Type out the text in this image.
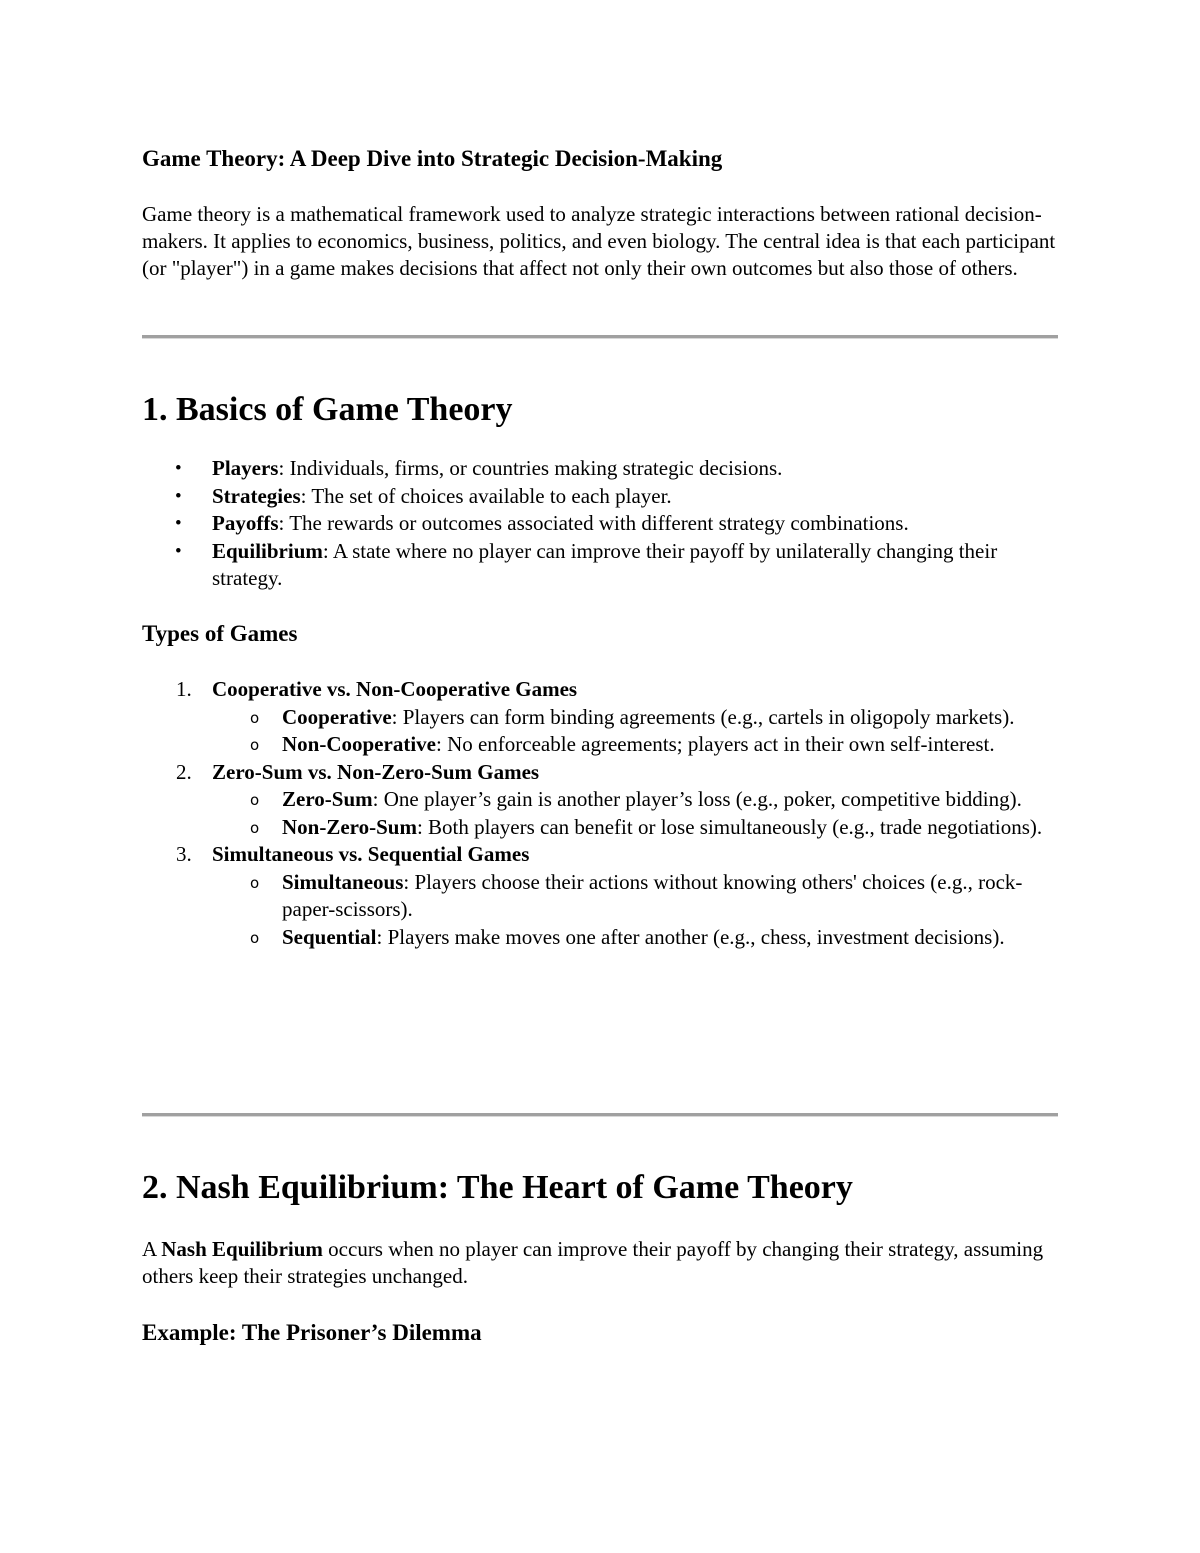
Game Theory: A Deep Dive into Strategic Decision-Making

Game theory is a mathematical framework used to analyze strategic interactions between rational decision-makers. It applies to economics, business, politics, and even biology. The central idea is that each participant (or "player") in a game makes decisions that affect not only their own outcomes but also those of others.

1. Basics of Game Theory
• Players: Individuals, firms, or countries making strategic decisions.
• Strategies: The set of choices available to each player.
• Payoffs: The rewards or outcomes associated with different strategy combinations.
• Equilibrium: A state where no player can improve their payoff by unilaterally changing their strategy.
Types of Games
1. Cooperative vs. Non-Cooperative Games
o Cooperative: Players can form binding agreements (e.g., cartels in oligopoly markets).
o Non-Cooperative: No enforceable agreements; players act in their own self-interest.
2. Zero-Sum vs. Non-Zero-Sum Games
o Zero-Sum: One player’s gain is another player’s loss (e.g., poker, competitive bidding).
o Non-Zero-Sum: Both players can benefit or lose simultaneously (e.g., trade negotiations).
3. Simultaneous vs. Sequential Games
o Simultaneous: Players choose their actions without knowing others' choices (e.g., rock-paper-scissors).
o Sequential: Players make moves one after another (e.g., chess, investment decisions).
2. Nash Equilibrium: The Heart of Game Theory

A Nash Equilibrium occurs when no player can improve their payoff by changing their strategy, assuming others keep their strategies unchanged.

Example: The Prisoner’s Dilemma
